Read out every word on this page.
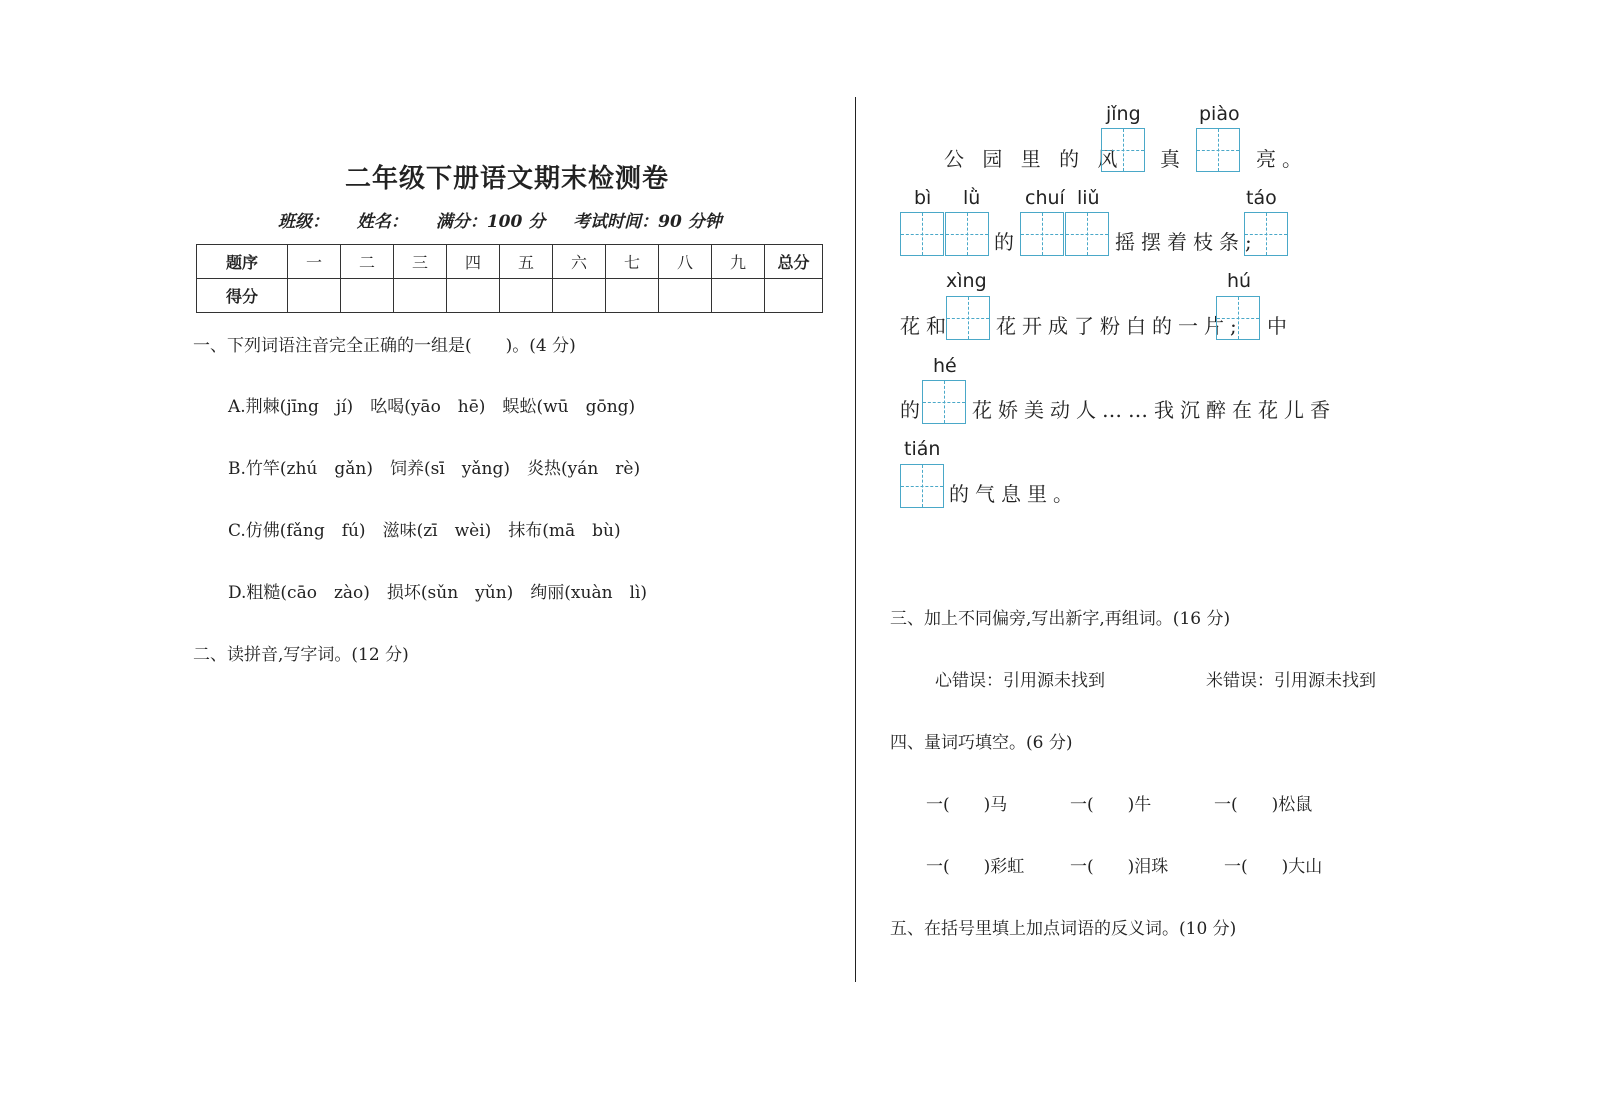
二年级下册语文期末检测卷
班级： 姓名： 满分：100 分 考试时间：90 分钟
题序	一	二	三	四	五	六	七	八	九	总分
得分										
一、下列词语注音完全正确的一组是(　　)。(4 分)
A.荆棘(jīng　jí)　吆喝(yāo　hē)　蜈蚣(wū　gōng)
B.竹竿(zhú　gǎn)　饲养(sī　yǎng)　炎热(yán　rè)
C.仿佛(fǎng　fú)　滋味(zī　wèi)　抹布(mā　bù)
D.粗糙(cāo　zào)　损坏(sǔn　yǔn)　绚丽(xuàn　lì)
二、读拼音,写字词。(12 分)
jǐng	piào
公 园 里 的 风 真	亮。
bì lǜ chuí liǔ	táo
的	摇摆着枝条;
xìng	hú
花和 花开成了粉白的一片; 中
hé
的 花娇美动人……我沉醉在花儿香
tián
的气息里。
三、加上不同偏旁,写出新字,再组词。(16 分)
心错误：引用源未找到	米错误：引用源未找到
四、量词巧填空。(6 分)
一(　　)马	一(　　)牛	一(　　)松鼠
一(　　)彩虹	一(　　)泪珠	一(　　)大山
五、在括号里填上加点词语的反义词。(10 分)
